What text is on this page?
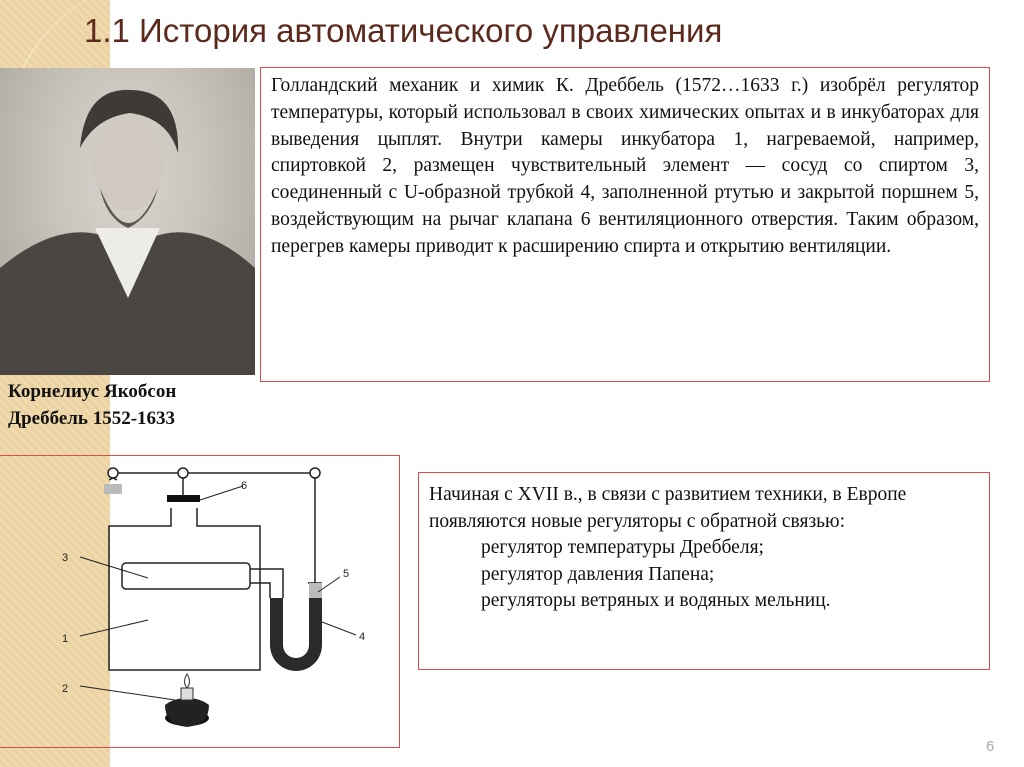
1.1 История автоматического управления
Корнелиус Якобсон
Дреббель 1552-1633
Голландский механик и химик К. Дреббель (1572…1633 г.) изобрёл регулятор температуры, который использовал в своих химических опытах и в инкубаторах для выведения цыплят. Внутри камеры инкубатора 1, нагреваемой, например, спиртовкой 2, размещен чувствительный элемент — сосуд со спиртом 3, соединенный с U-образной трубкой 4, заполненной ртутью и закрытой поршнем 5, воздействующим на рычаг клапана 6 вентиляционного отверстия. Таким образом, перегрев камеры приводит к расширению спирта и открытию вентиляции.
1
2
3
4
5
6	Начиная с XVII в., в связи с развитием техники, в Европе появляются новые регуляторы с обратной связью:
регулятор температуры Дреббеля;
регулятор давления Папена;
регуляторы ветряных и водяных мельниц.
6
